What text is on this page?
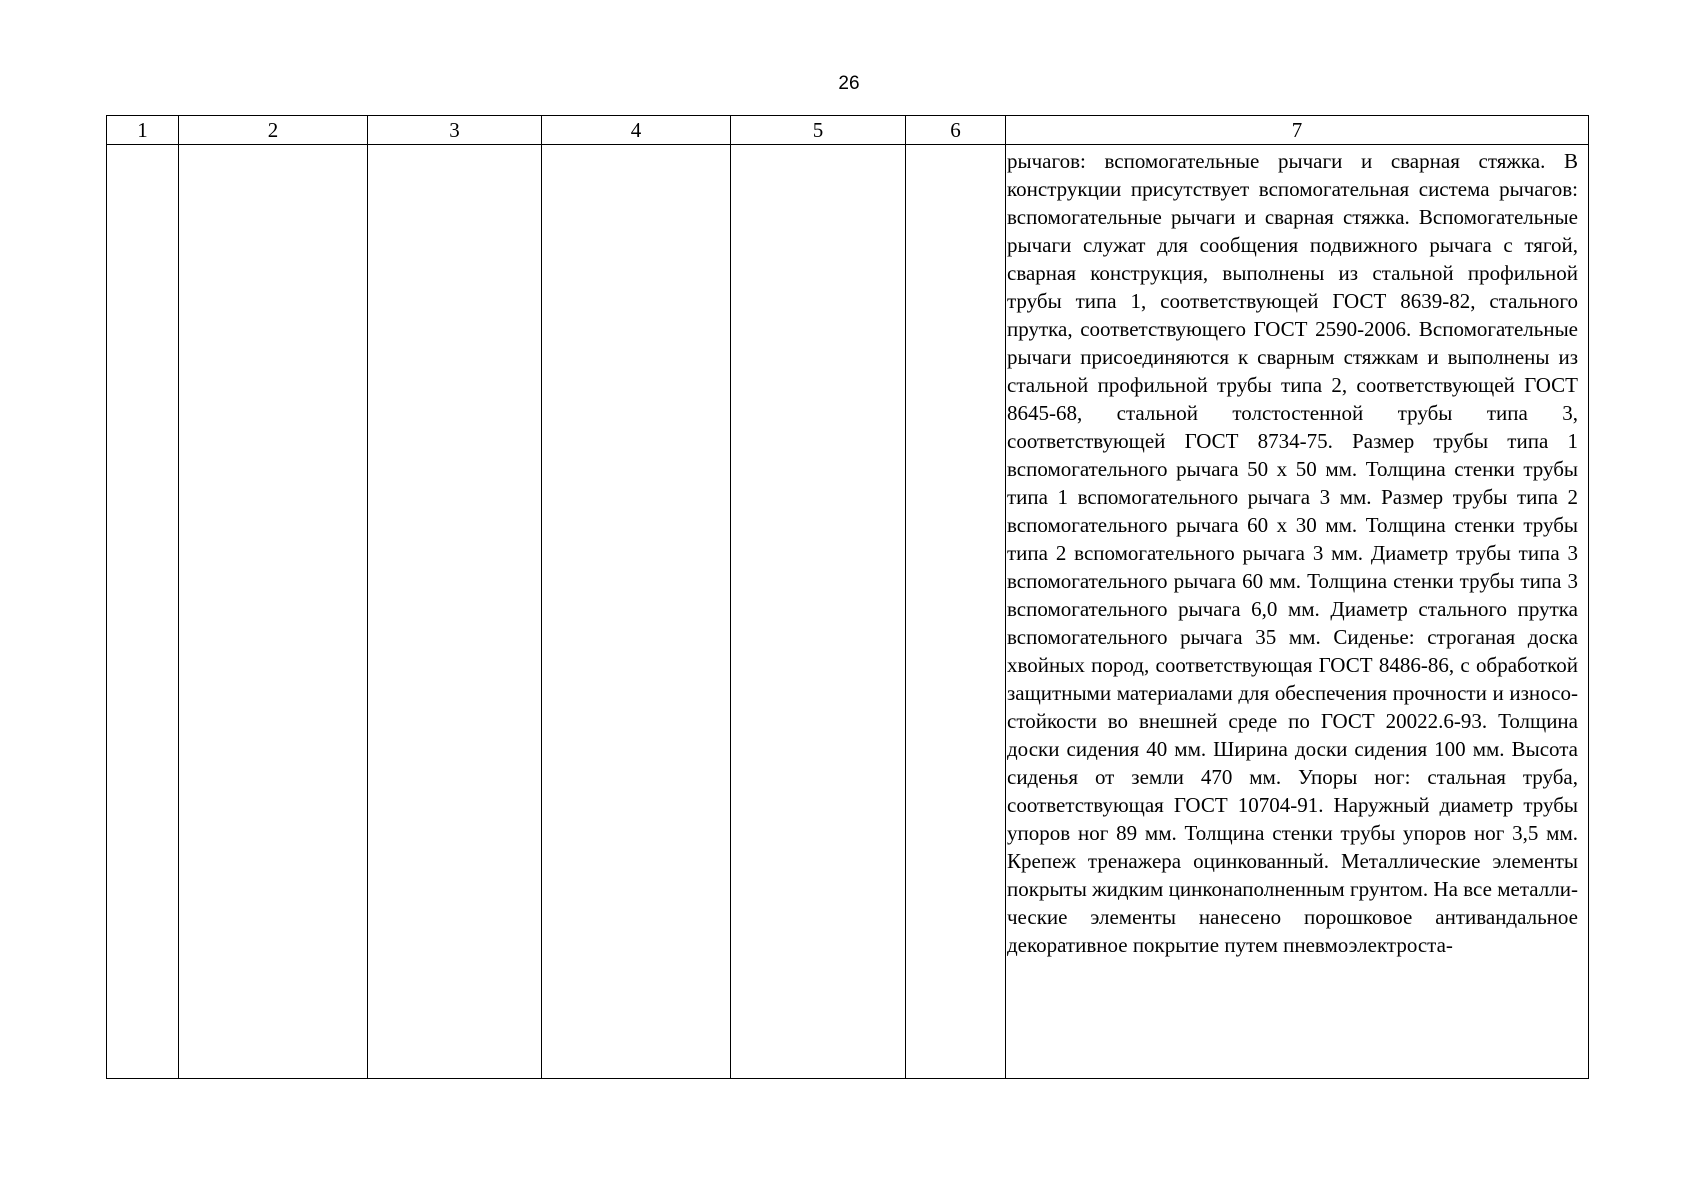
26
1	2	3	4	5	6	7
						рычагов: вспомогательные рычаги и сварная стяжка. В конструкции присутствует вспомогательная система рычагов: вспомогательные рычаги и сварная стяжка. Вспомогательные рычаги служат для сообщения подвижного рычага с тягой, сварная конструкция, выполнены из стальной профильной трубы типа 1, соответствующей ГОСТ 8639-82, стального прутка, соответствующего ГОСТ 2590-2006. Вспомогательные рычаги присоединяются к сварным стяжкам и выполнены из стальной профильной трубы типа 2, соответствующей ГОСТ 8645-68, стальной толстостенной трубы типа 3, соответствующей ГОСТ 8734-75. Размер трубы типа 1 вспомогательного рычага 50 х 50 мм. Толщина стенки трубы типа 1 вспомогательного рычага 3 мм. Размер трубы типа 2 вспомогательного рычага 60 х 30 мм. Толщина стенки трубы типа 2 вспомогательного рычага 3 мм. Диаметр трубы типа 3 вспомогательного рычага 60 мм. Толщина стенки трубы типа 3 вспомогательного рычага 6,0 мм. Диаметр стального прутка вспомогательного рычага 35 мм. Сиденье: строганая доска хвойных пород, соответствующая ГОСТ 8486-86, с обработкой защитными материалами для обеспечения прочности и износостойкости во внешней среде по ГОСТ 20022.6-93. Толщина доски сидения 40 мм. Ширина доски сидения 100 мм. Высота сиденья от земли 470 мм. Упоры ног: стальная труба, соответствующая ГОСТ 10704-91. Наружный диаметр трубы упоров ног 89 мм. Толщина стенки трубы упоров ног 3,5 мм. Крепеж тренажера оцинкованный. Металлические элементы покрыты жидким цинконаполненным грунтом. На все металлические элементы нанесено порошковое антивандальное декоративное покрытие путем пневмоэлектроста-
